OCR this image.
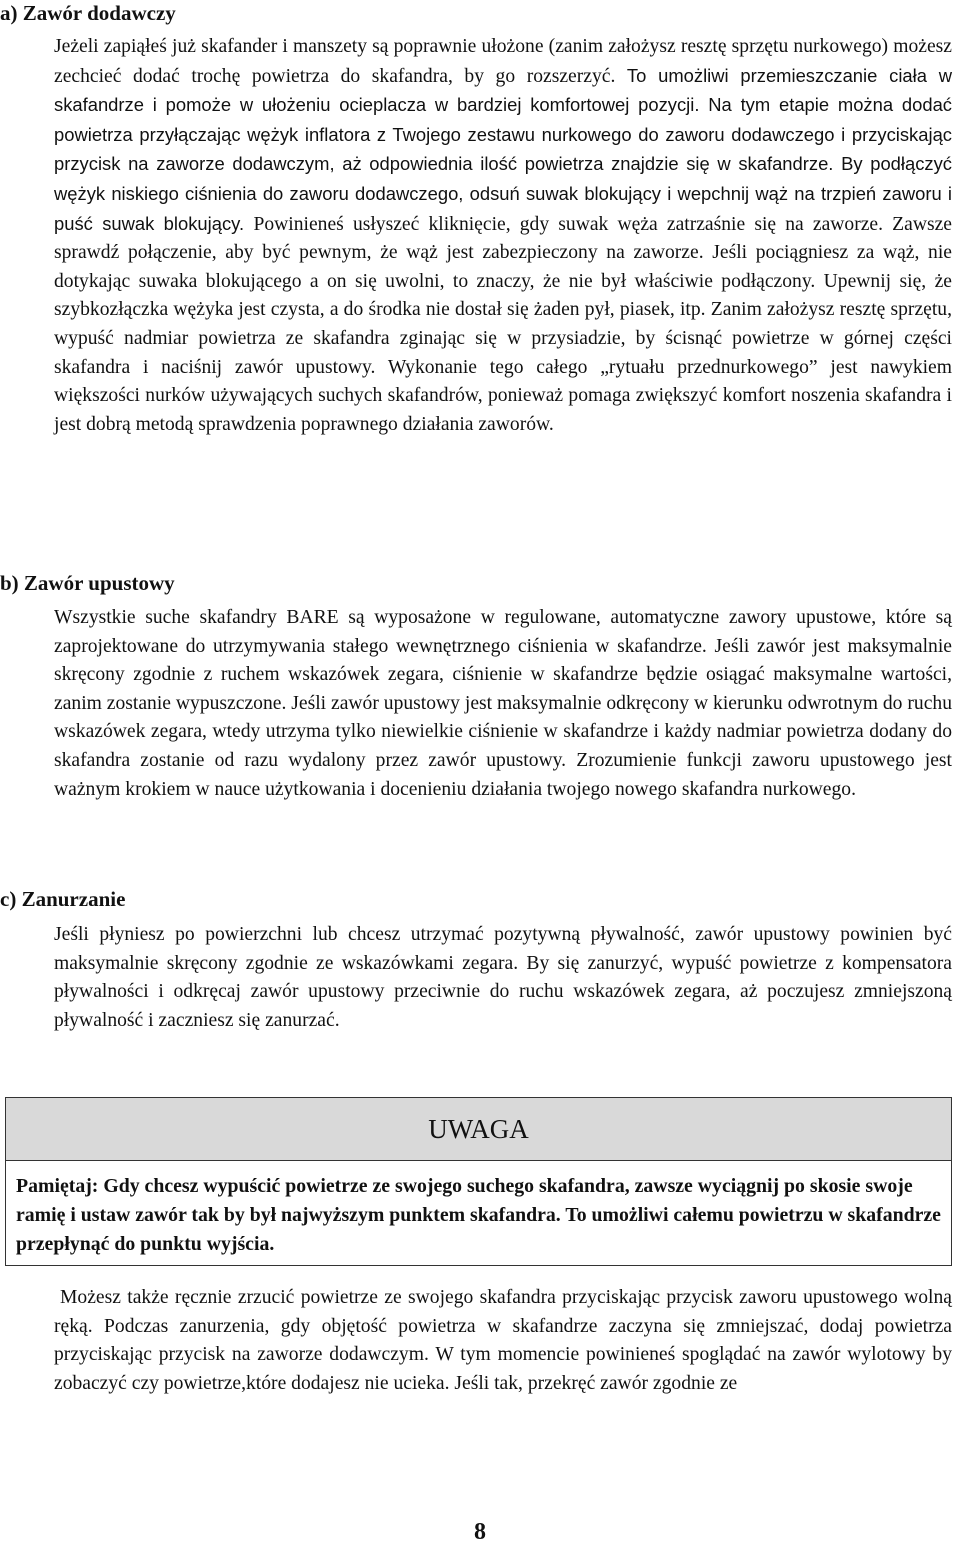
a) Zawór dodawczy

Jeżeli zapiąłeś już skafander i manszety są poprawnie ułożone (zanim założysz resztę sprzętu nurkowego) możesz zechcieć dodać trochę powietrza do skafandra, by go rozszerzyć. To umożliwi przemieszczanie ciała w skafandrze i pomoże w ułożeniu ocieplacza w bardziej komfortowej pozycji. Na tym etapie można dodać powietrza przyłączając wężyk inflatora z Twojego zestawu nurkowego do zaworu dodawczego i przyciskając przycisk na zaworze dodawczym, aż odpowiednia ilość powietrza znajdzie się w skafandrze. By podłączyć wężyk niskiego ciśnienia do zaworu dodawczego, odsuń suwak blokujący i wepchnij wąż na trzpień zaworu i puść suwak blokujący. Powinieneś usłyszeć kliknięcie, gdy suwak węża zatrzaśnie się na zaworze. Zawsze sprawdź połączenie, aby być pewnym, że wąż jest zabezpieczony na zaworze. Jeśli pociągniesz za wąż, nie dotykając suwaka blokującego a on się uwolni, to znaczy, że nie był właściwie podłączony. Upewnij się, że szybkozłączka wężyka jest czysta, a do środka nie dostał się żaden pył, piasek, itp. Zanim założysz resztę sprzętu, wypuść nadmiar powietrza ze skafandra zginając się w przysiadzie, by ścisnąć powietrze w górnej części skafandra i naciśnij zawór upustowy. Wykonanie tego całego „rytuału przednurkowego” jest nawykiem większości nurków używających suchych skafandrów, ponieważ pomaga zwiększyć komfort noszenia skafandra i jest dobrą metodą sprawdzenia poprawnego działania zaworów.

b) Zawór upustowy

Wszystkie suche skafandry BARE są wyposażone w regulowane, automatyczne zawory upustowe, które są zaprojektowane do utrzymywania stałego wewnętrznego ciśnienia w skafandrze. Jeśli zawór jest maksymalnie skręcony zgodnie z ruchem wskazówek zegara, ciśnienie w skafandrze będzie osiągać maksymalne wartości, zanim zostanie wypuszczone. Jeśli zawór upustowy jest maksymalnie odkręcony w kierunku odwrotnym do ruchu wskazówek zegara, wtedy utrzyma tylko niewielkie ciśnienie w skafandrze i każdy nadmiar powietrza dodany do skafandra zostanie od razu wydalony przez zawór upustowy. Zrozumienie funkcji zaworu upustowego jest ważnym krokiem w nauce użytkowania i docenieniu działania twojego nowego skafandra nurkowego.

c) Zanurzanie

Jeśli płyniesz po powierzchni lub chcesz utrzymać pozytywną pływalność, zawór upustowy powinien być maksymalnie skręcony zgodnie ze wskazówkami zegara. By się zanurzyć, wypuść powietrze z kompensatora pływalności i odkręcaj zawór upustowy przeciwnie do ruchu wskazówek zegara, aż poczujesz zmniejszoną pływalność i zaczniesz się zanurzać.

UWAGA

Pamiętaj: Gdy chcesz wypuścić powietrze ze swojego suchego skafandra, zawsze wyciągnij po skosie swoje ramię i ustaw zawór tak by był najwyższym punktem skafandra. To umożliwi całemu powietrzu w skafandrze przepłynąć do punktu wyjścia.

Możesz także ręcznie zrzucić powietrze ze swojego skafandra przyciskając przycisk zaworu upustowego wolną ręką. Podczas zanurzenia, gdy objętość powietrza w skafandrze zaczyna się zmniejszać, dodaj powietrza przyciskając przycisk na zaworze dodawczym. W tym momencie powinieneś spoglądać na zawór wylotowy by zobaczyć czy powietrze,które dodajesz nie ucieka. Jeśli tak, przekręć zawór zgodnie ze

8
